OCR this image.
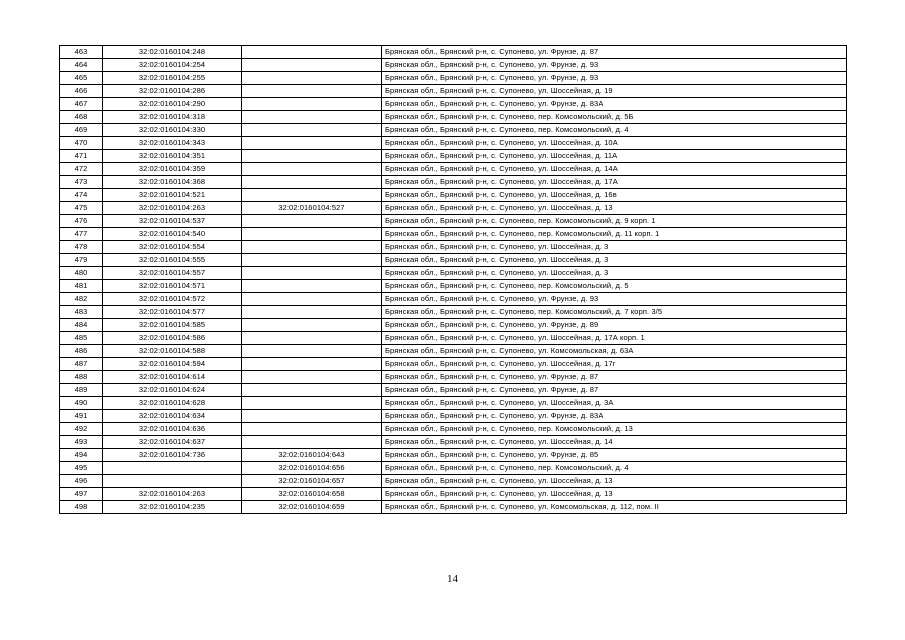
463	32:02:0160104:248		Брянская обл., Брянский р-н, с. Супонево, ул. Фрунзе, д. 87
464	32:02:0160104:254		Брянская обл., Брянский р-н, с. Супонево, ул. Фрунзе, д. 93
465	32:02:0160104:255		Брянская обл., Брянский р-н, с. Супонево, ул. Фрунзе, д. 93
466	32:02:0160104:286		Брянская обл., Брянский р-н, с. Супонево, ул. Шоссейная, д. 19
467	32:02:0160104:290		Брянская обл., Брянский р-н, с. Супонево, ул. Фрунзе, д. 83А
468	32:02:0160104:318		Брянская обл., Брянский р-н, с. Супонево, пер. Комсомольский, д. 5Б
469	32:02:0160104:330		Брянская обл., Брянский р-н, с. Супонево, пер. Комсомольский, д. 4
470	32:02:0160104:343		Брянская обл., Брянский р-н, с. Супонево, ул. Шоссейная, д. 10А
471	32:02:0160104:351		Брянская обл., Брянский р-н, с. Супонево, ул. Шоссейная, д. 11А
472	32:02:0160104:359		Брянская обл., Брянский р-н, с. Супонево, ул. Шоссейная, д. 14А
473	32:02:0160104:368		Брянская обл., Брянский р-н, с. Супонево, ул. Шоссейная, д. 17А
474	32:02:0160104:521		Брянская обл., Брянский р-н, с. Супонево, ул. Шоссейная, д. 16в
475	32:02:0160104:263	32:02:0160104:527	Брянская обл., Брянский р-н, с. Супонево, ул. Шоссейная, д. 13
476	32:02:0160104:537		Брянская обл., Брянский р-н, с. Супонево, пер. Комсомольский, д. 9 корп. 1
477	32:02:0160104:540		Брянская обл., Брянский р-н, с. Супонево, пер. Комсомольский, д. 11 корп. 1
478	32:02:0160104:554		Брянская обл., Брянский р-н, с. Супонево, ул. Шоссейная, д. 3
479	32:02:0160104:555		Брянская обл., Брянский р-н, с. Супонево, ул. Шоссейная, д. 3
480	32:02:0160104:557		Брянская обл., Брянский р-н, с. Супонево, ул. Шоссейная, д. 3
481	32:02:0160104:571		Брянская обл., Брянский р-н, с. Супонево, пер. Комсомольский, д. 5
482	32:02:0160104:572		Брянская обл., Брянский р-н, с. Супонево, ул. Фрунзе, д. 93
483	32:02:0160104:577		Брянская обл., Брянский р-н, с. Супонево, пер. Комсомольский, д. 7 корп. 3/5
484	32:02:0160104:585		Брянская обл., Брянский р-н, с. Супонево, ул. Фрунзе, д. 89
485	32:02:0160104:586		Брянская обл., Брянский р-н, с. Супонево, ул. Шоссейная, д. 17А корп. 1
486	32:02:0160104:588		Брянская обл., Брянский р-н, с. Супонево, ул. Комсомольская, д. 63А
487	32:02:0160104:594		Брянская обл., Брянский р-н, с. Супонево, ул. Шоссейная, д. 17г
488	32:02:0160104:614		Брянская обл., Брянский р-н, с. Супонево, ул. Фрунзе, д. 87
489	32:02:0160104:624		Брянская обл., Брянский р-н, с. Супонево, ул. Фрунзе, д. 87
490	32:02:0160104:628		Брянская обл., Брянский р-н, с. Супонево, ул. Шоссейная, д. 3А
491	32:02:0160104:634		Брянская обл., Брянский р-н, с. Супонево, ул. Фрунзе, д. 83А
492	32:02:0160104:636		Брянская обл., Брянский р-н, с. Супонево, пер. Комсомольский, д. 13
493	32:02:0160104:637		Брянская обл., Брянский р-н, с. Супонево, ул. Шоссейная, д. 14
494	32:02:0160104:736	32:02:0160104:643	Брянская обл., Брянский р-н, с. Супонево, ул. Фрунзе, д. 85
495		32:02:0160104:656	Брянская обл., Брянский р-н, с. Супонево, пер. Комсомольский, д. 4
496		32:02:0160104:657	Брянская обл., Брянский р-н, с. Супонево, ул. Шоссейная, д. 13
497	32:02:0160104:263	32:02:0160104:658	Брянская обл., Брянский р-н, с. Супонево, ул. Шоссейная, д. 13
498	32:02:0160104:235	32:02:0160104:659	Брянская обл., Брянский р-н, с. Супонево, ул. Комсомольская, д. 112, пом. II
14
